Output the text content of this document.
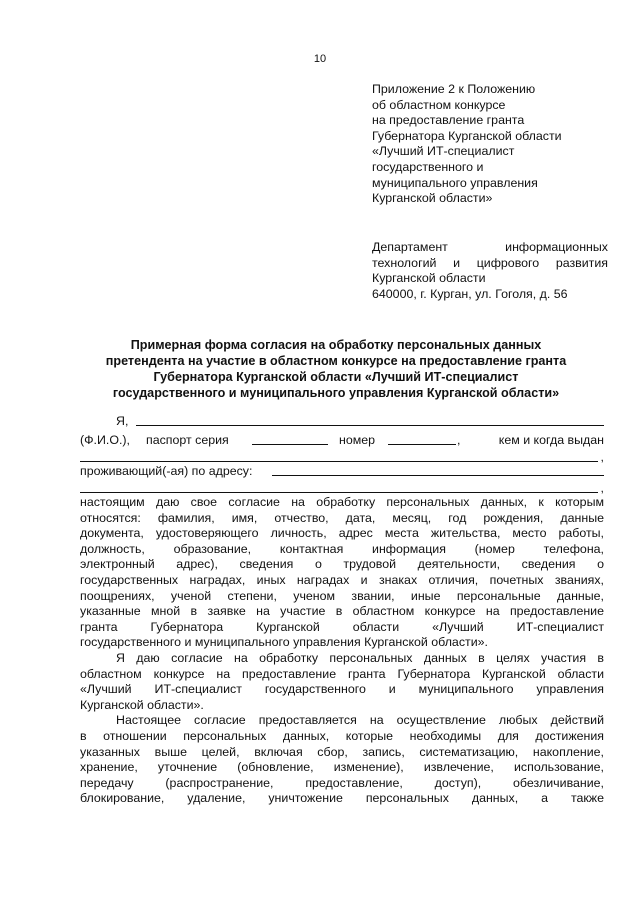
10
Приложение 2 к Положению
об областном конкурсе
на предоставление гранта
Губернатора Курганской области
«Лучший ИТ-специалист
государственного и
муниципального управления
Курганской области»
Департамент информационных
технологий и цифрового развития
Курганской области
640000, г. Курган, ул. Гоголя, д. 56
Примерная форма согласия на обработку персональных данных
претендента на участие в областном конкурсе на предоставление гранта
Губернатора Курганской области «Лучший ИТ-специалист
государственного и муниципального управления Курганской области»
Я,
(Ф.И.О.), паспорт серия	номер	,	кем и когда выдан
,
проживающий(-ая) по адресу:
,
настоящим даю свое согласие на обработку персональных данных, к которым
относятся: фамилия, имя, отчество, дата, месяц, год рождения, данные
документа, удостоверяющего личность, адрес места жительства, место работы,
должность, образование, контактная информация (номер телефона,
электронный адрес), сведения о трудовой деятельности, сведения о
государственных наградах, иных наградах и знаках отличия, почетных званиях,
поощрениях, ученой степени, ученом звании, иные персональные данные,
указанные мной в заявке на участие в областном конкурсе на предоставление
гранта Губернатора Курганской области «Лучший ИТ-специалист
государственного и муниципального управления Курганской области».
Я даю согласие на обработку персональных данных в целях участия в
областном конкурсе на предоставление гранта Губернатора Курганской области
«Лучший ИТ-специалист государственного и муниципального управления
Курганской области».
Настоящее согласие предоставляется на осуществление любых действий
в отношении персональных данных, которые необходимы для достижения
указанных выше целей, включая сбор, запись, систематизацию, накопление,
хранение, уточнение (обновление, изменение), извлечение, использование,
передачу (распространение, предоставление, доступ), обезличивание,
блокирование, удаление, уничтожение персональных данных, а также
